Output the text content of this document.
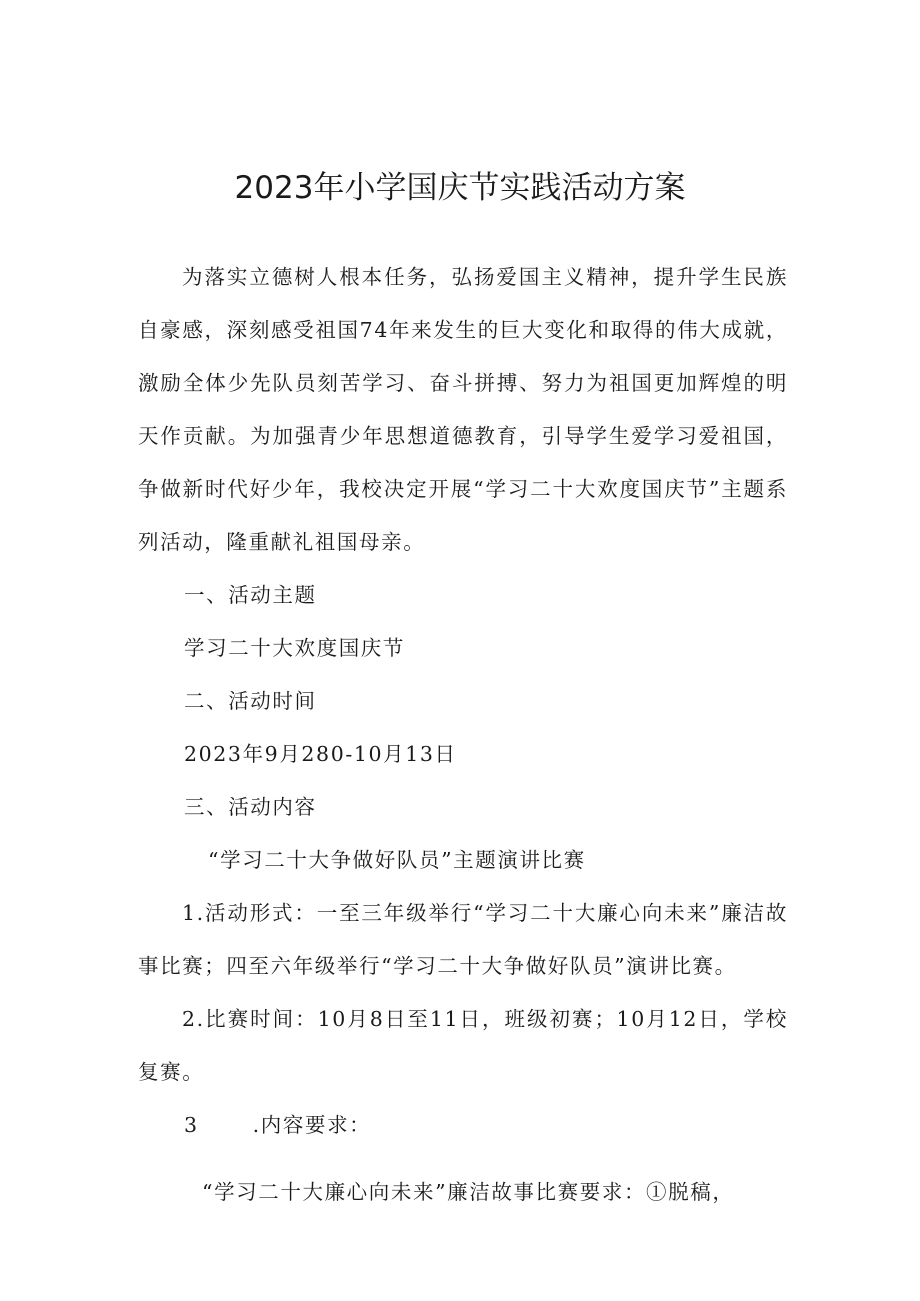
2023年小学国庆节实践活动方案

为落实立德树人根本任务，弘扬爱国主义精神，提升学生民族自豪感，深刻感受祖国74年来发生的巨大变化和取得的伟大成就，激励全体少先队员刻苦学习、奋斗拼搏、努力为祖国更加辉煌的明天作贡献。为加强青少年思想道德教育，引导学生爱学习爱祖国，争做新时代好少年，我校决定开展“学习二十大欢度国庆节”主题系列活动，隆重献礼祖国母亲。

一、活动主题

学习二十大欢度国庆节

二、活动时间

2023年9月280-10月13日

三、活动内容

“学习二十大争做好队员”主题演讲比赛

1.活动形式：一至三年级举行“学习二十大廉心向未来”廉洁故事比赛；四至六年级举行“学习二十大争做好队员”演讲比赛。

2.比赛时间：10月8日至11日，班级初赛；10月12日，学校复赛。

3	.内容要求：

“学习二十大廉心向未来”廉洁故事比赛要求：①脱稿，
